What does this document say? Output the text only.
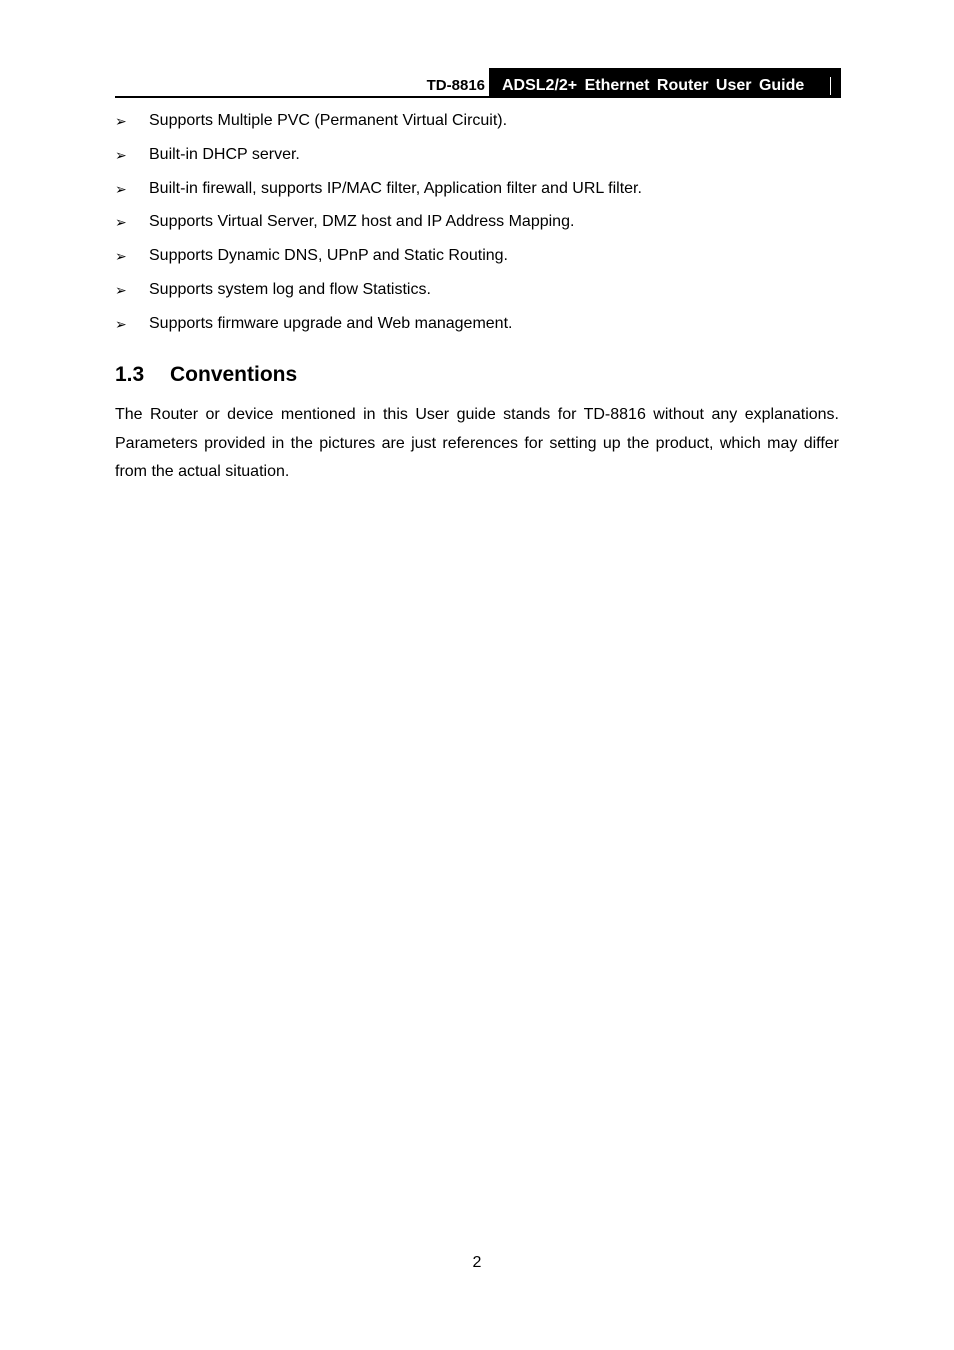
TD-8816 ADSL2/2+ Ethernet Router User Guide
➢ Supports Multiple PVC (Permanent Virtual Circuit).
➢ Built-in DHCP server.
➢ Built-in firewall, supports IP/MAC filter, Application filter and URL filter.
➢ Supports Virtual Server, DMZ host and IP Address Mapping.
➢ Supports Dynamic DNS, UPnP and Static Routing.
➢ Supports system log and flow Statistics.
➢ Supports firmware upgrade and Web management.
1.3 Conventions

The Router or device mentioned in this User guide stands for TD-8816 without any explanations. Parameters provided in the pictures are just references for setting up the product, which may differ from the actual situation.

2
